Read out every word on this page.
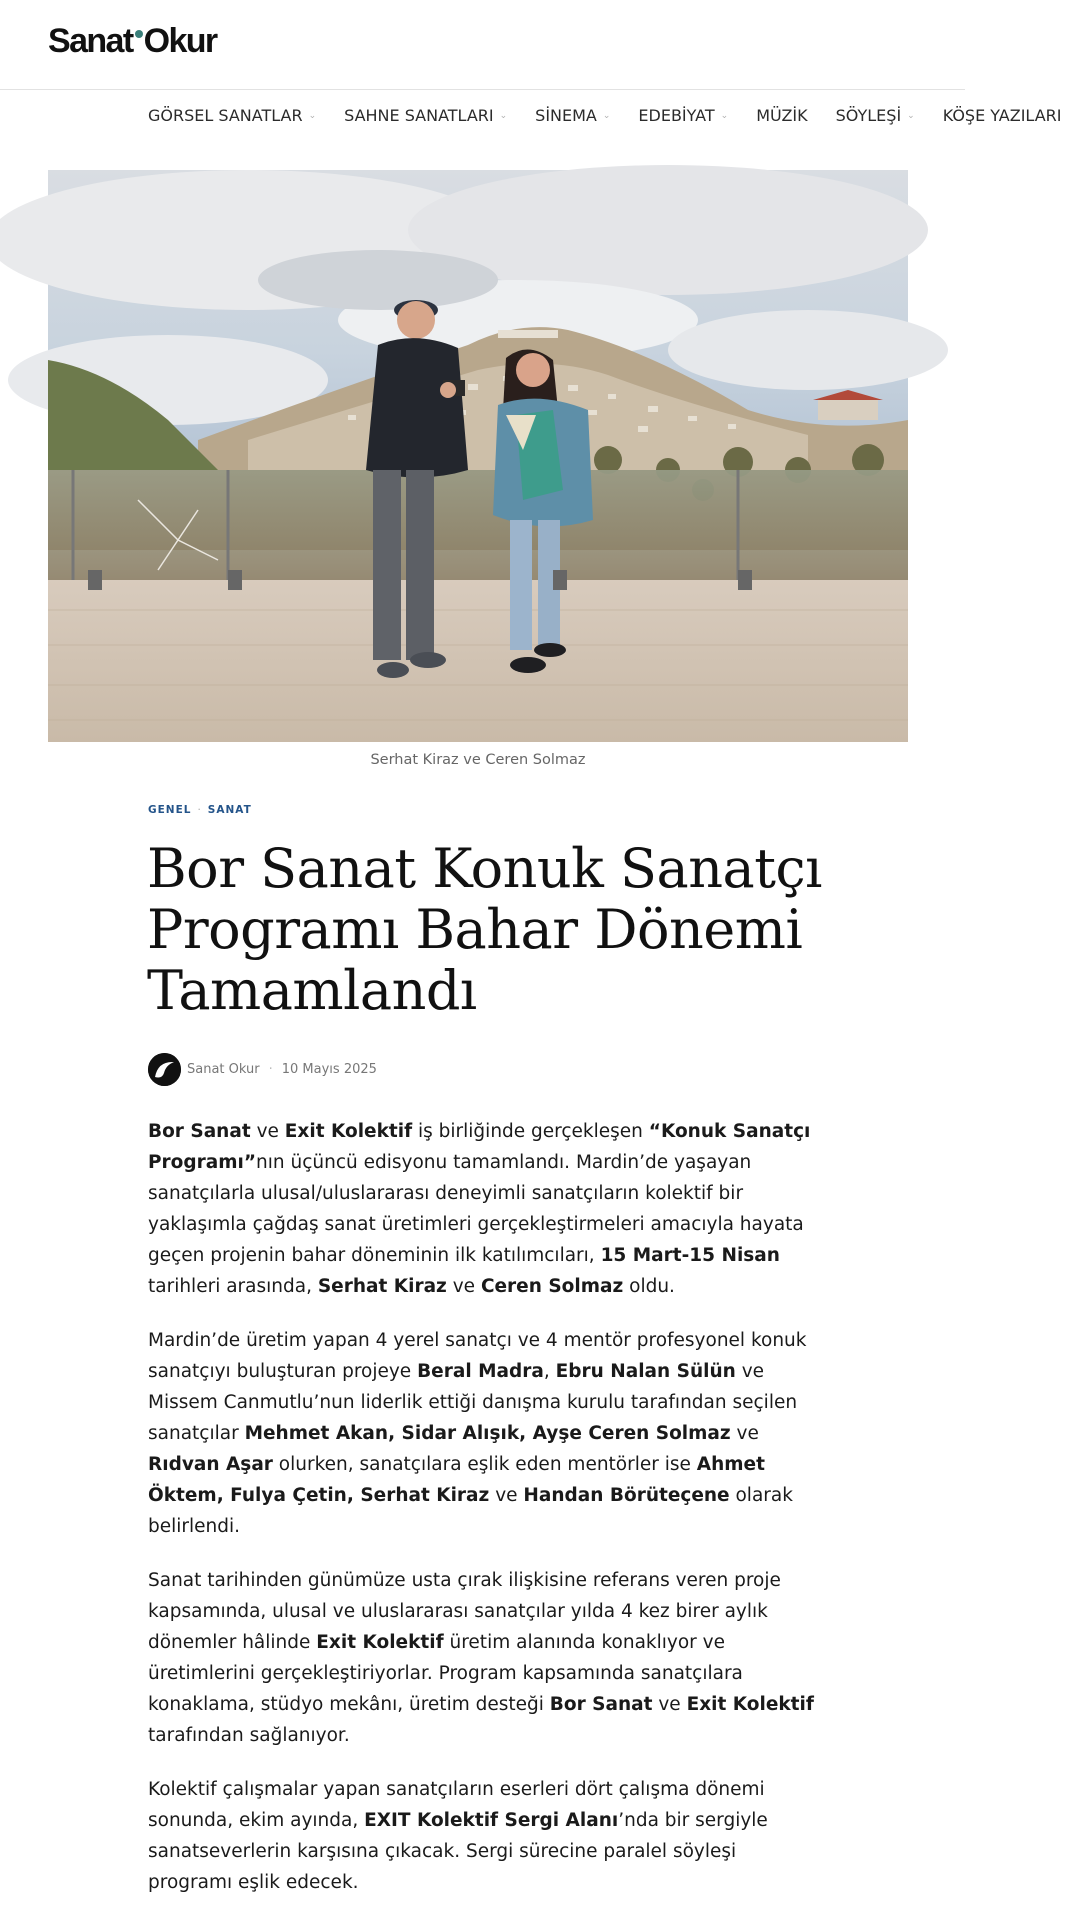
Sanat Okur
GÖRSEL SANATLAR ⌄ SAHNE SANATLARI ⌄ SİNEMA ⌄ EDEBİYAT ⌄ MÜZİK SÖYLEŞİ ⌄ KÖŞE YAZILARI
Serhat Kiraz ve Ceren Solmaz
GENEL · SANAT
Bor Sanat Konuk Sanatçı Programı Bahar Dönemi Tamamlandı
Sanat Okur · 10 Mayıs 2025

Bor Sanat ve Exit Kolektif iş birliğinde gerçekleşen “Konuk Sanatçı Programı”nın üçüncü edisyonu tamamlandı. Mardin’de yaşayan sanatçılarla ulusal/uluslararası deneyimli sanatçıların kolektif bir yaklaşımla çağdaş sanat üretimleri gerçekleştirmeleri amacıyla hayata geçen projenin bahar döneminin ilk katılımcıları, 15 Mart-15 Nisan tarihleri arasında, Serhat Kiraz ve Ceren Solmaz oldu.

Mardin’de üretim yapan 4 yerel sanatçı ve 4 mentör profesyonel konuk sanatçıyı buluşturan projeye Beral Madra, Ebru Nalan Sülün ve Missem Canmutlu’nun liderlik ettiği danışma kurulu tarafından seçilen sanatçılar Mehmet Akan, Sidar Alışık, Ayşe Ceren Solmaz ve Rıdvan Aşar olurken, sanatçılara eşlik eden mentörler ise Ahmet Öktem, Fulya Çetin, Serhat Kiraz ve Handan Börüteçene olarak belirlendi.

Sanat tarihinden günümüze usta çırak ilişkisine referans veren proje kapsamında, ulusal ve uluslararası sanatçılar yılda 4 kez birer aylık dönemler hâlinde Exit Kolektif üretim alanında konaklıyor ve üretimlerini gerçekleştiriyorlar. Program kapsamında sanatçılara konaklama, stüdyo mekânı, üretim desteği Bor Sanat ve Exit Kolektif tarafından sağlanıyor.

Kolektif çalışmalar yapan sanatçıların eserleri dört çalışma dönemi sonunda, ekim ayında, EXIT Kolektif Sergi Alanı’nda bir sergiyle sanatseverlerin karşısına çıkacak. Sergi sürecine paralel söyleşi programı eşlik edecek.
